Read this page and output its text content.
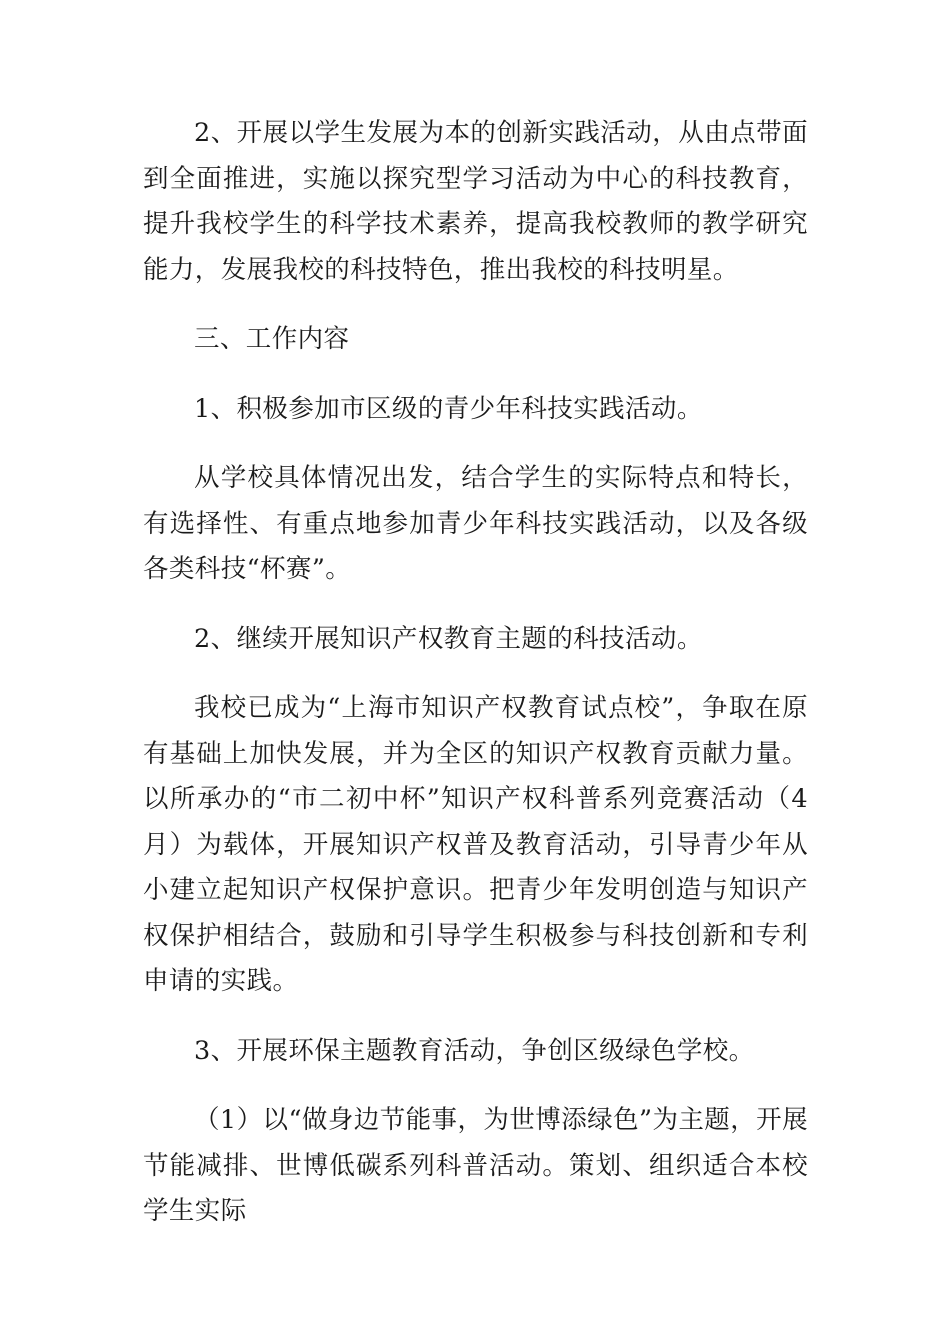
2、开展以学生发展为本的创新实践活动，从由点带面到全面推进，实施以探究型学习活动为中心的科技教育，提升我校学生的科学技术素养，提高我校教师的教学研究能力，发展我校的科技特色，推出我校的科技明星。

三、工作内容

1、积极参加市区级的青少年科技实践活动。

从学校具体情况出发，结合学生的实际特点和特长，有选择性、有重点地参加青少年科技实践活动，以及各级各类科技“杯赛”。

2、继续开展知识产权教育主题的科技活动。

我校已成为“上海市知识产权教育试点校”，争取在原有基础上加快发展，并为全区的知识产权教育贡献力量。以所承办的“市二初中杯”知识产权科普系列竞赛活动（4月）为载体，开展知识产权普及教育活动，引导青少年从小建立起知识产权保护意识。把青少年发明创造与知识产权保护相结合，鼓励和引导学生积极参与科技创新和专利申请的实践。

3、开展环保主题教育活动，争创区级绿色学校。

（1）以“做身边节能事，为世博添绿色”为主题，开展节能减排、世博低碳系列科普活动。策划、组织适合本校学生实际
